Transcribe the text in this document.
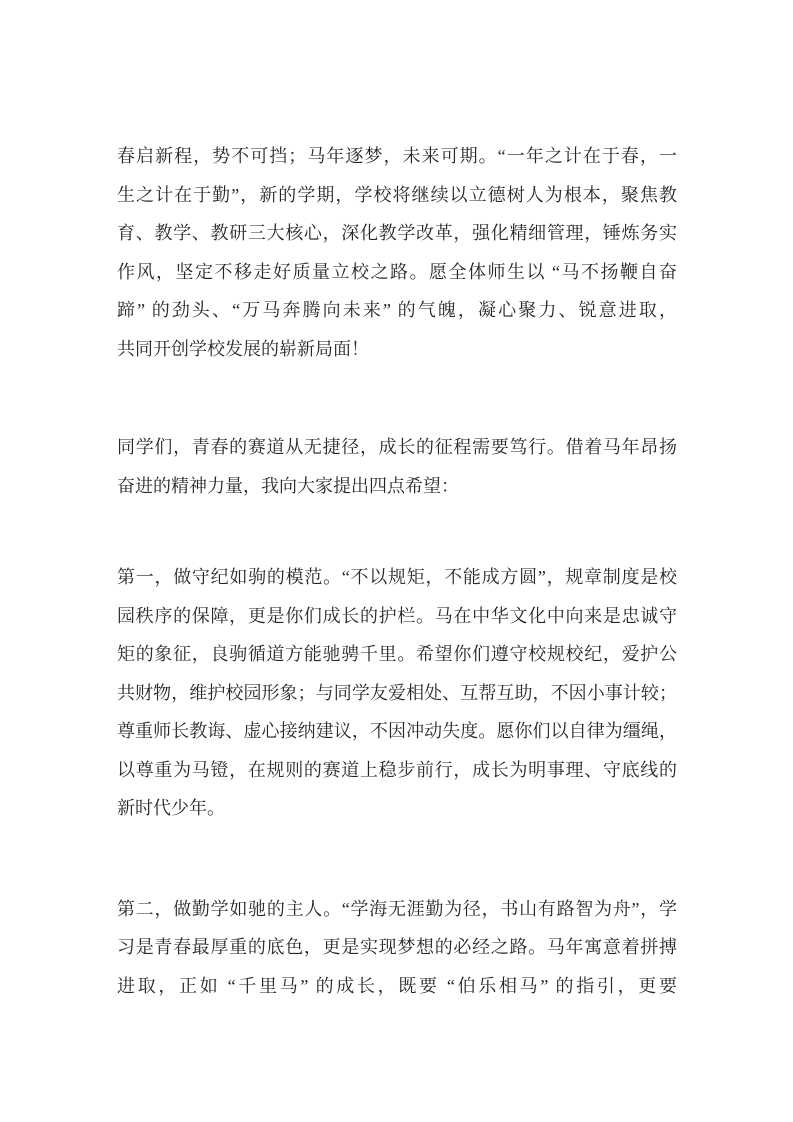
春启新程，势不可挡；马年逐梦，未来可期。“一年之计在于春，一
生之计在于勤”，新的学期，学校将继续以立德树人为根本，聚焦教
育、教学、教研三大核心，深化教学改革，强化精细管理，锤炼务实
作风，坚定不移走好质量立校之路。愿全体师生以 “马不扬鞭自奋
蹄” 的劲头、“万马奔腾向未来” 的气魄，凝心聚力、锐意进取，
共同开创学校发展的崭新局面！

同学们，青春的赛道从无捷径，成长的征程需要笃行。借着马年昂扬
奋进的精神力量，我向大家提出四点希望：

第一，做守纪如驹的模范。“不以规矩，不能成方圆”，规章制度是校
园秩序的保障，更是你们成长的护栏。马在中华文化中向来是忠诚守
矩的象征，良驹循道方能驰骋千里。希望你们遵守校规校纪，爱护公
共财物，维护校园形象；与同学友爱相处、互帮互助，不因小事计较；
尊重师长教诲、虚心接纳建议，不因冲动失度。愿你们以自律为缰绳，
以尊重为马镫，在规则的赛道上稳步前行，成长为明事理、守底线的
新时代少年。

第二，做勤学如驰的主人。“学海无涯勤为径，书山有路智为舟”，学
习是青春最厚重的底色，更是实现梦想的必经之路。马年寓意着拼搏
进取，正如 “千里马” 的成长，既要 “伯乐相马” 的指引，更要
